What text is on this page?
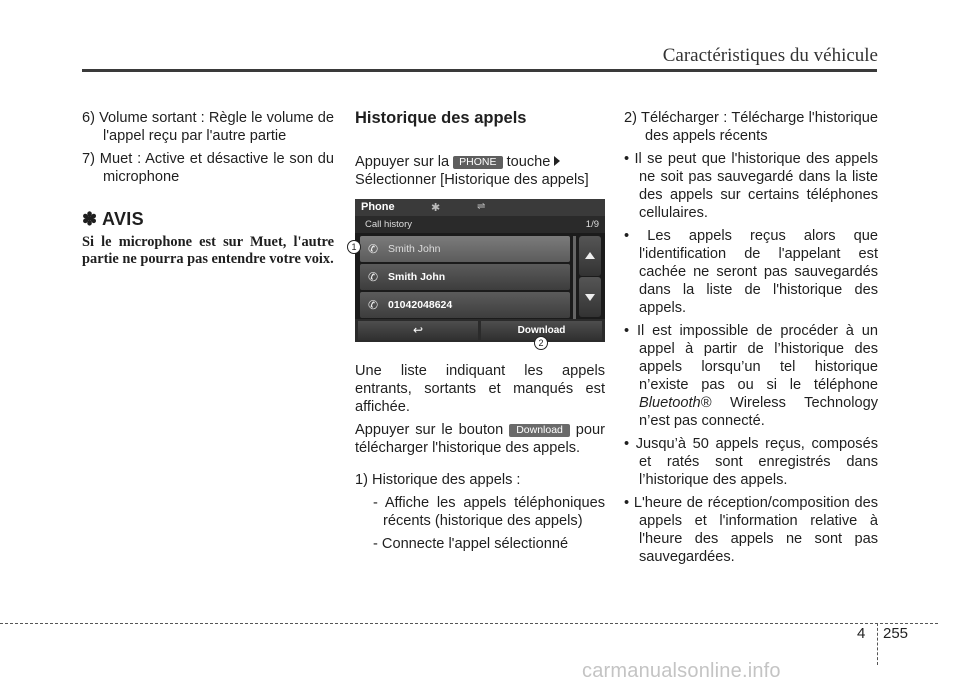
Caractéristiques du véhicule

6) Volume sortant : Règle le volume de l'appel reçu par l'autre partie

7) Muet : Active et désactive le son du microphone

✽ AVIS
Si le microphone est sur Muet, l'autre partie ne pourra pas entendre votre voix.
Historique des appels

Appuyer sur la PHONE touche
Sélectionner [Historique des appels]

Phone	✱	⇌
Call history	1/9
✆ Smith John
✆ Smith John
✆ 01042048624
↩	Download
1
2

Une liste indiquant les appels entrants, sortants et manqués est affichée.

Appuyer sur le bouton Download pour télécharger l'historique des appels.

1) Historique des appels :

- Affiche les appels téléphoniques récents (historique des appels)

- Connecte l'appel sélectionné

2) Télécharger : Télécharge l'historique des appels récents

• Il se peut que l'historique des appels ne soit pas sauvegardé dans la liste des appels sur certains téléphones cellulaires.

• Les appels reçus alors que l'identification de l'appelant est cachée ne seront pas sauvegardés dans la liste de l'historique des appels.

• Il est impossible de procéder à un appel à partir de l’historique des appels lorsqu’un tel historique n’existe pas ou si le téléphone Bluetooth® Wireless Technology n’est pas connecté.

• Jusqu’à 50 appels reçus, composés et ratés sont enregistrés dans l’historique des appels.

• L'heure de réception/composition des appels et l'information relative à l'heure des appels ne sont pas sauvegardées.

4 255
carmanualsonline.info
